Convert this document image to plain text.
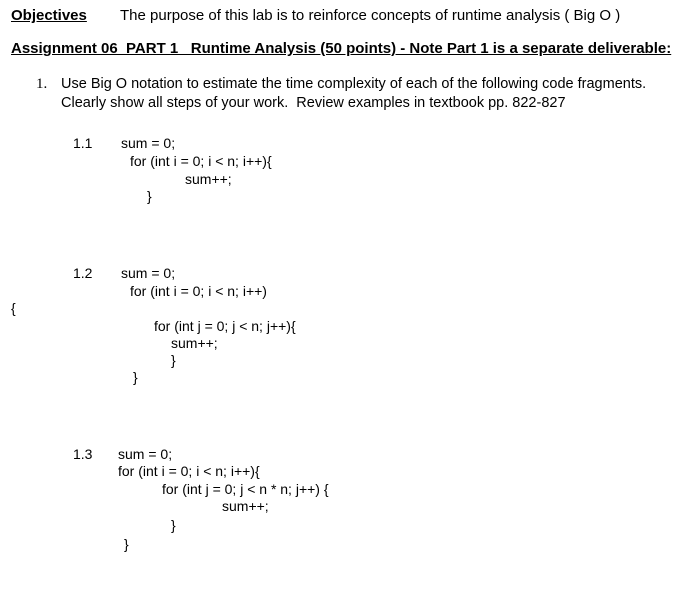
Objectives The purpose of this lab is to reinforce concepts of runtime analysis ( Big O )
Assignment 06  PART 1   Runtime Analysis (50 points) - Note Part 1 is a separate deliverable:
1. Use Big O notation to estimate the time complexity of each of the following code fragments.
Clearly show all steps of your work.  Review examples in textbook pp. 822-827
1.1 sum = 0;
for (int i = 0; i < n; i++){
sum++;
}
1.2 sum = 0;
for (int i = 0; i < n; i++)
{
for (int j = 0; j < n; j++){
sum++;
}
}
1.3 sum = 0;
for (int i = 0; i < n; i++){
for (int j = 0; j < n * n; j++) {
sum++;
}
}
